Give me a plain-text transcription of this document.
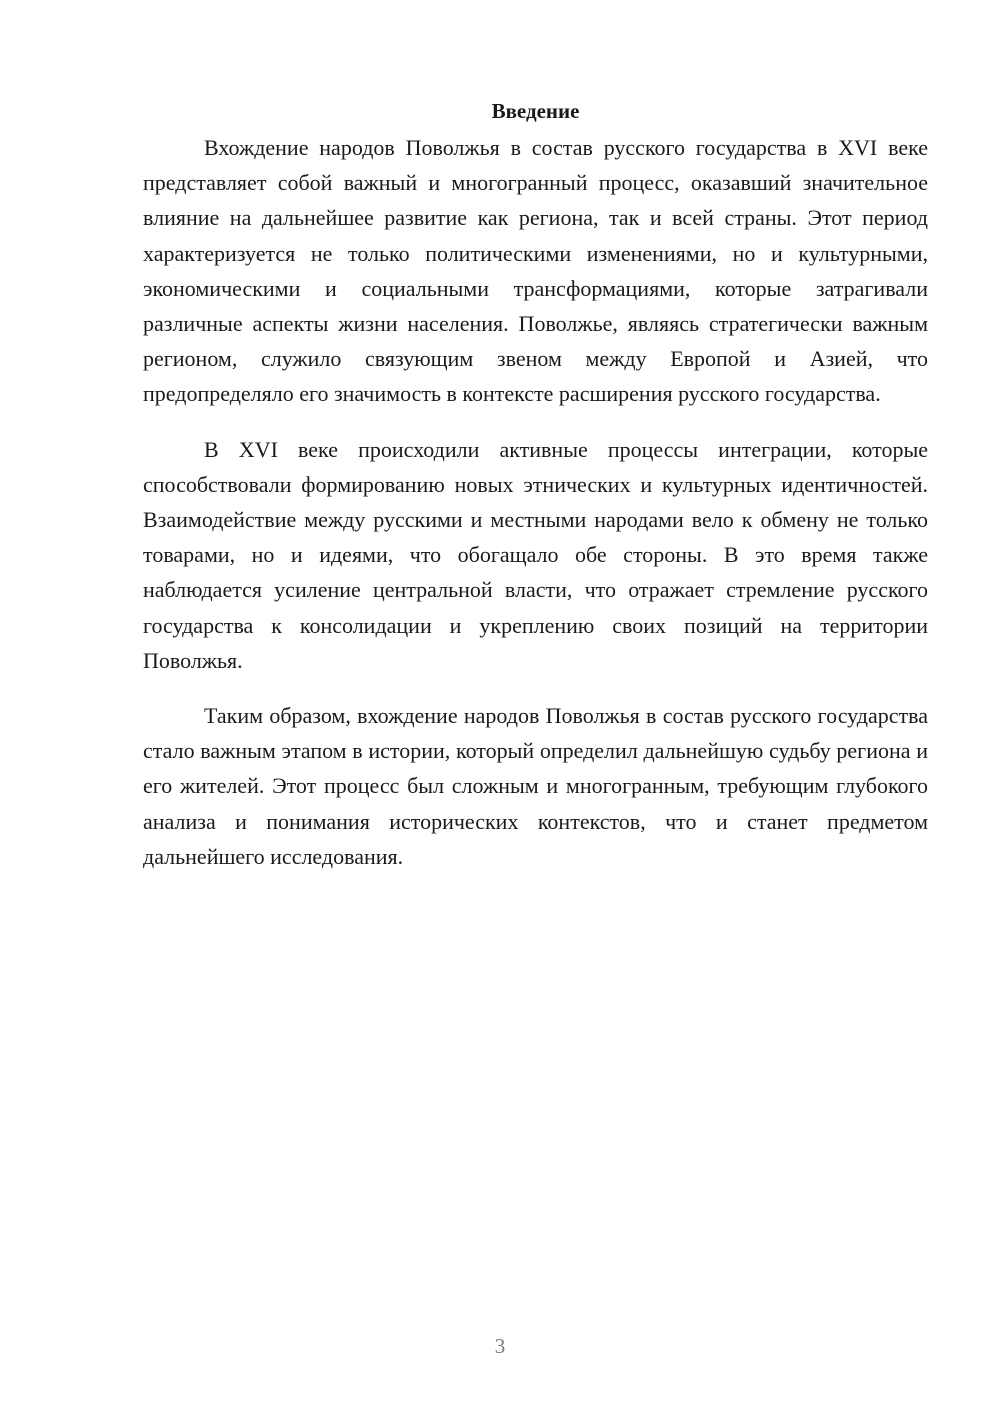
Введение

Вхождение народов Поволжья в состав русского государства в XVI веке представляет собой важный и многогранный процесс, оказавший значительное влияние на дальнейшее развитие как региона, так и всей страны. Этот период характеризуется не только политическими изменениями, но и культурными, экономическими и социальными трансформациями, которые затрагивали различные аспекты жизни населения. Поволжье, являясь стратегически важным регионом, служило связующим звеном между Европой и Азией, что предопределяло его значимость в контексте расширения русского государства.

В XVI веке происходили активные процессы интеграции, которые способствовали формированию новых этнических и культурных идентичностей. Взаимодействие между русскими и местными народами вело к обмену не только товарами, но и идеями, что обогащало обе стороны. В это время также наблюдается усиление центральной власти, что отражает стремление русского государства к консолидации и укреплению своих позиций на территории Поволжья.

Таким образом, вхождение народов Поволжья в состав русского государства стало важным этапом в истории, который определил дальнейшую судьбу региона и его жителей. Этот процесс был сложным и многогранным, требующим глубокого анализа и понимания исторических контекстов, что и станет предметом дальнейшего исследования.

3
